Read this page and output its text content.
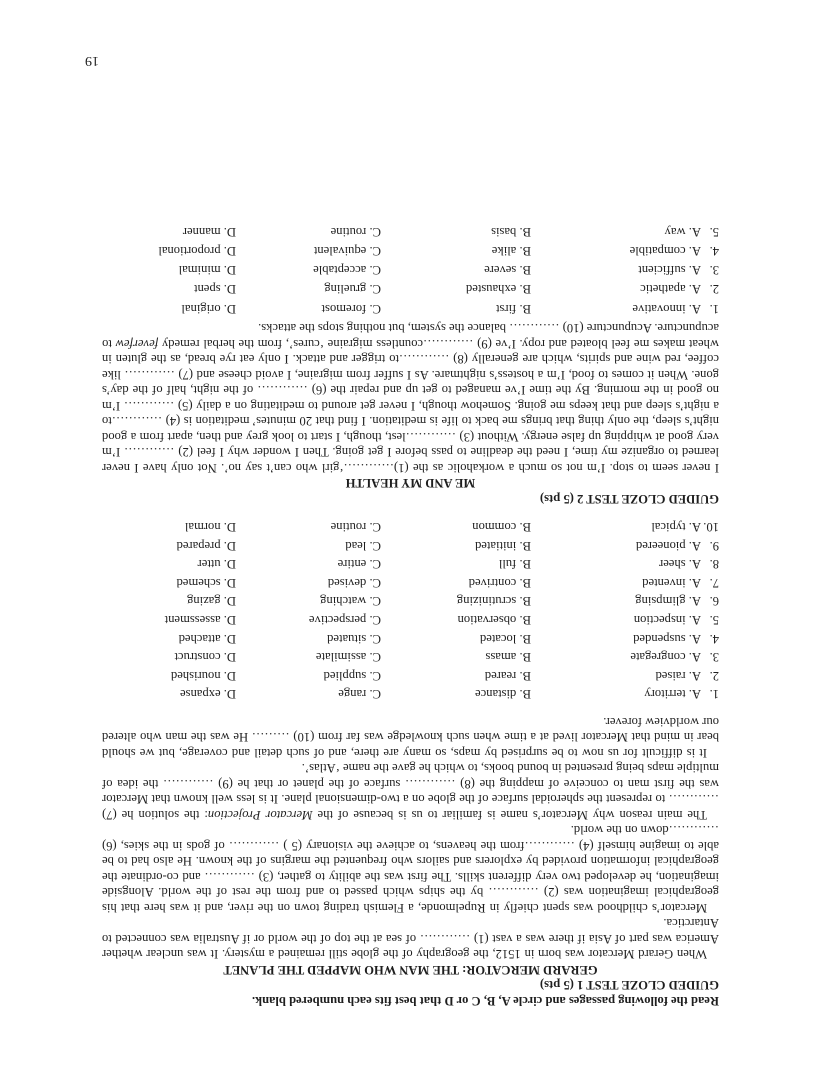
Read the following passages and circle A, B, C or D that best fits each numbered blank.

GUIDED CLOZE TEST 1 (5 pts)

GERARD MERCATOR: THE MAN WHO MAPPED THE PLANET

When Gerard Mercator was born in 1512, the geography of the globe still remained a mystery. It was unclear whether America was part of Asia if there was a vast (1) ………… of sea at the top of the world or if Australia was connected to Antarctica.

Mercator’s childhood was spent chiefly in Rupelmonde, a Flemish trading town on the river, and it was here that his geographical imagination was (2) ………… by the ships which passed to and from the rest of the world. Alongside imagination, he developed two very different skills. The first was the ability to gather, (3) ………… and co-ordinate the geographical information provided by explorers and sailors who frequented the margins of the known. He also had to be able to imagine himself (4) …………from the heavens, to achieve the visionary (5 ) ………… of gods in the skies, (6) …………down on the world.

The main reason why Mercator’s name is familiar to us is because of the Mercator Projection: the solution he (7) ………… to represent the spheroidal surface of the globe on a two-dimensional plane. It is less well known that Mercator was the first man to conceive of mapping the (8) ………… surface of the planet or that he (9) ………… the idea of multiple maps being presented in bound books, to which he gave the name ‘Atlas’.

It is difficult for us now to be surprised by maps, so many are there, and of such detail and coverage, but we should bear in mind that Mercator lived at a time when such knowledge was far from (10) ……… He was the man who altered our worldview forever.

1.
A. territory
B. distance
C. range
D. expanse
2.
A. raised
B. reared
C. supplied
D. nourished
3.
A. congregate
B. amass
C. assimilate
D. construct
4.
A. suspended
B. located
C. situated
D. attached
5.
A. inspection
B. observation
C. perspective
D. assessment
6.
A. glimpsing
B. scrutinizing
C. watching
D. gazing
7.
A. invented
B. contrived
C. devised
D. schemed
8.
A. sheer
B. full
C. entire
D. utter
9.
A. pioneered
B. initiated
C. lead
D. prepared
10.
A. typical
B. common
C. routine
D. normal

GUIDED CLOZE TEST 2 (5 pts)

ME AND MY HEALTH

I never seem to stop. I’m not so much a workaholic as the (1)…………‘girl who can’t say no’. Not only have I never learned to organize my time, I need the deadline to pass before I get going. Then I wonder why I feel (2) ………… I’m very good at whipping up false energy. Without (3) …………lest, though, I start to look grey and then, apart from a good night’s sleep, the only thing that brings me back to life is meditation. I find that 20 minutes’ meditation is (4) …………to a night’s sleep and that keeps me going. Somehow though, I never get around to meditating on a daily (5) ………… I’m no good in the morning. By the time I’ve managed to get up and repair the (6) ………… of the night, half of the day’s gone. When it comes to food, I’m a hostess’s nightmare. As I suffer from migraine, I avoid cheese and (7) ………… like coffee, red wine and spirits, which are generally (8) …………to trigger and attack. I only eat rye bread, as the gluten in wheat makes me feel bloated and ropy. I’ve (9) …………countless migraine ‘cures’, from the herbal remedy feverfew to acupuncture. Acupuncture (10) ………… balance the system, but nothing stops the attacks.

1.
A. innovative
B. first
C. foremost
D. original
2.
A. apathetic
B. exhausted
C. grueling
D. spent
3.
A. sufficient
B. severe
C. acceptable
D. minimal
4.
A. compatible
B. alike
C. equivalent
D. proportional
5.
A. way
B. basis
C. routine
D. manner
19
